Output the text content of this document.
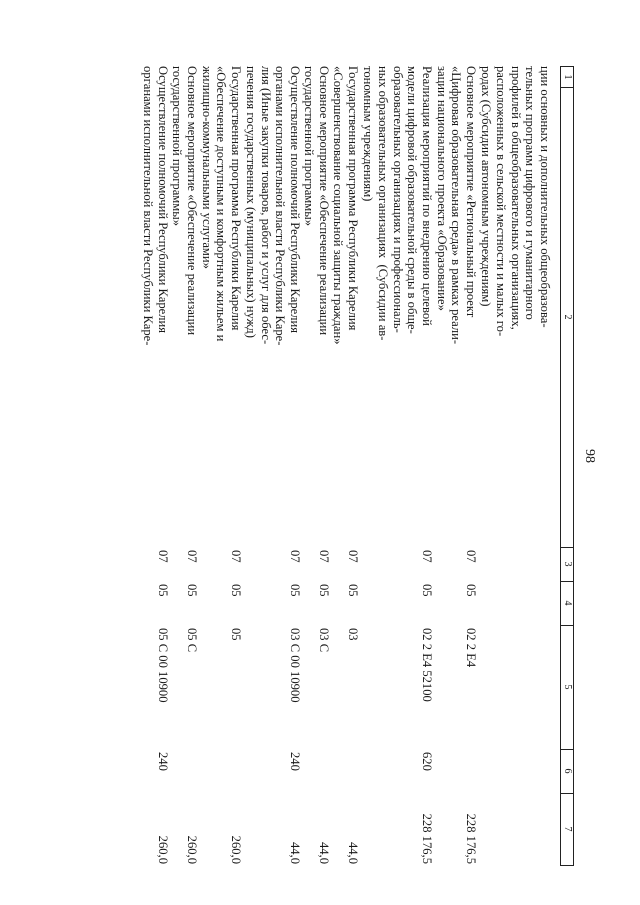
98
1
2
3
4
5
6
7
ции основных и дополнительных общеобразова-
тельных программ цифрового и гуманитарного
профилей в общеобразовательных организациях,
расположенных в сельской местности и малых го-
родах (Субсидии автономным учреждениям)
Основное мероприятие «Региональный проект
«Цифровая образовательная среда» в рамках реали-
зации национального проекта «Образование»
07
05
02 2 E4
228 176,5
Реализация мероприятий по внедрению целевой
модели цифровой образовательной среды в обще-
образовательных организациях и профессиональ-
ных образовательных организациях  (Субсидии ав-
тономным учреждениям)
07
05
02 2 E4 52100
620
228 176,5
Государственная программа Республики Карелия
«Совершенствование социальной защиты граждан»
07
05
03
44,0
Основное мероприятие «Обеспечение реализации
государственной программы»
07
05
03 С
44,0
Осуществление полномочий Республики Карелия
органами исполнительной власти Республики Каре-
лия (Иные закупки товаров, работ и услуг для обес-
печения государственных (муниципальных) нужд)
07
05
03 С 00 10900
240
44,0
Государственная программа Республики Карелия
«Обеспечение доступным и комфортным жильем и
жилищно-коммунальными услугами»
07
05
05
260,0
Основное мероприятие «Обеспечение реализации
государственной программы»
07
05
05 С
260,0
Осуществление полномочий Республики Карелия
органами исполнительной власти Республики Каре-
07
05
05 С 00 10900
240
260,0
